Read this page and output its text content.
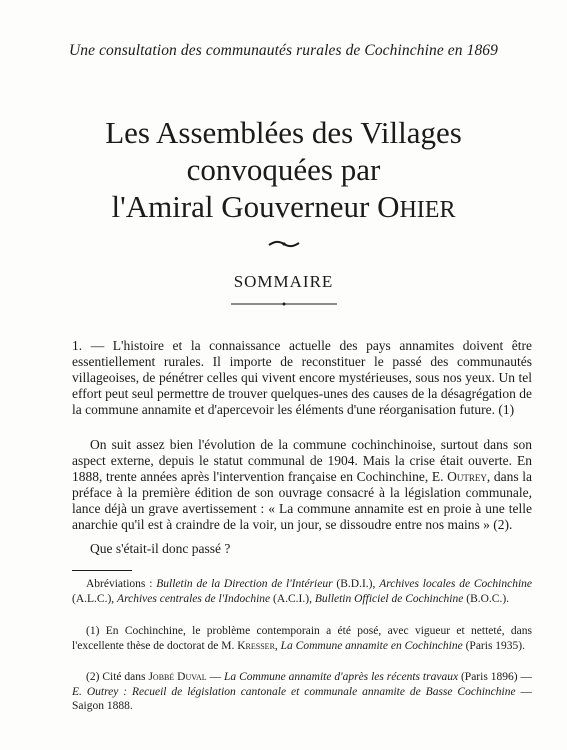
Une consultation des communautés rurales de Cochinchine en 1869
Les Assemblées des Villages
convoquées par
l'Amiral Gouverneur OHIER
SOMMAIRE

1. — L'histoire et la connaissance actuelle des pays annamites doivent être essentiellement rurales. Il importe de reconstituer le passé des communautés villageoises, de pénétrer celles qui vivent encore mystérieuses, sous nos yeux. Un tel effort peut seul permettre de trouver quelques-unes des causes de la désagrégation de la commune annamite et d'apercevoir les éléments d'une réorganisation future. (1)

On suit assez bien l'évolution de la commune cochinchinoise, surtout dans son aspect externe, depuis le statut communal de 1904. Mais la crise était ouverte. En 1888, trente années après l'intervention française en Cochinchine, E. Outrey, dans la préface à la première édition de son ouvrage consacré à la législation communale, lance déjà un grave avertissement : « La commune annamite est en proie à une telle anarchie qu'il est à craindre de la voir, un jour, se dissoudre entre nos mains » (2).

Que s'était-il donc passé ?

Abréviations : Bulletin de la Direction de l'Intérieur (B.D.I.), Archives locales de Cochinchine (A.L.C.), Archives centrales de l'Indochine (A.C.I.), Bulletin Officiel de Cochinchine (B.O.C.).

(1) En Cochinchine, le problème contemporain a été posé, avec vigueur et netteté, dans l'excellente thèse de doctorat de M. Kresser, La Commune annamite en Cochinchine (Paris 1935).

(2) Cité dans Jobbé Duval — La Commune annamite d'après les récents travaux (Paris 1896) — E. Outrey : Recueil de législation cantonale et communale annamite de Basse Cochinchine — Saigon 1888.
